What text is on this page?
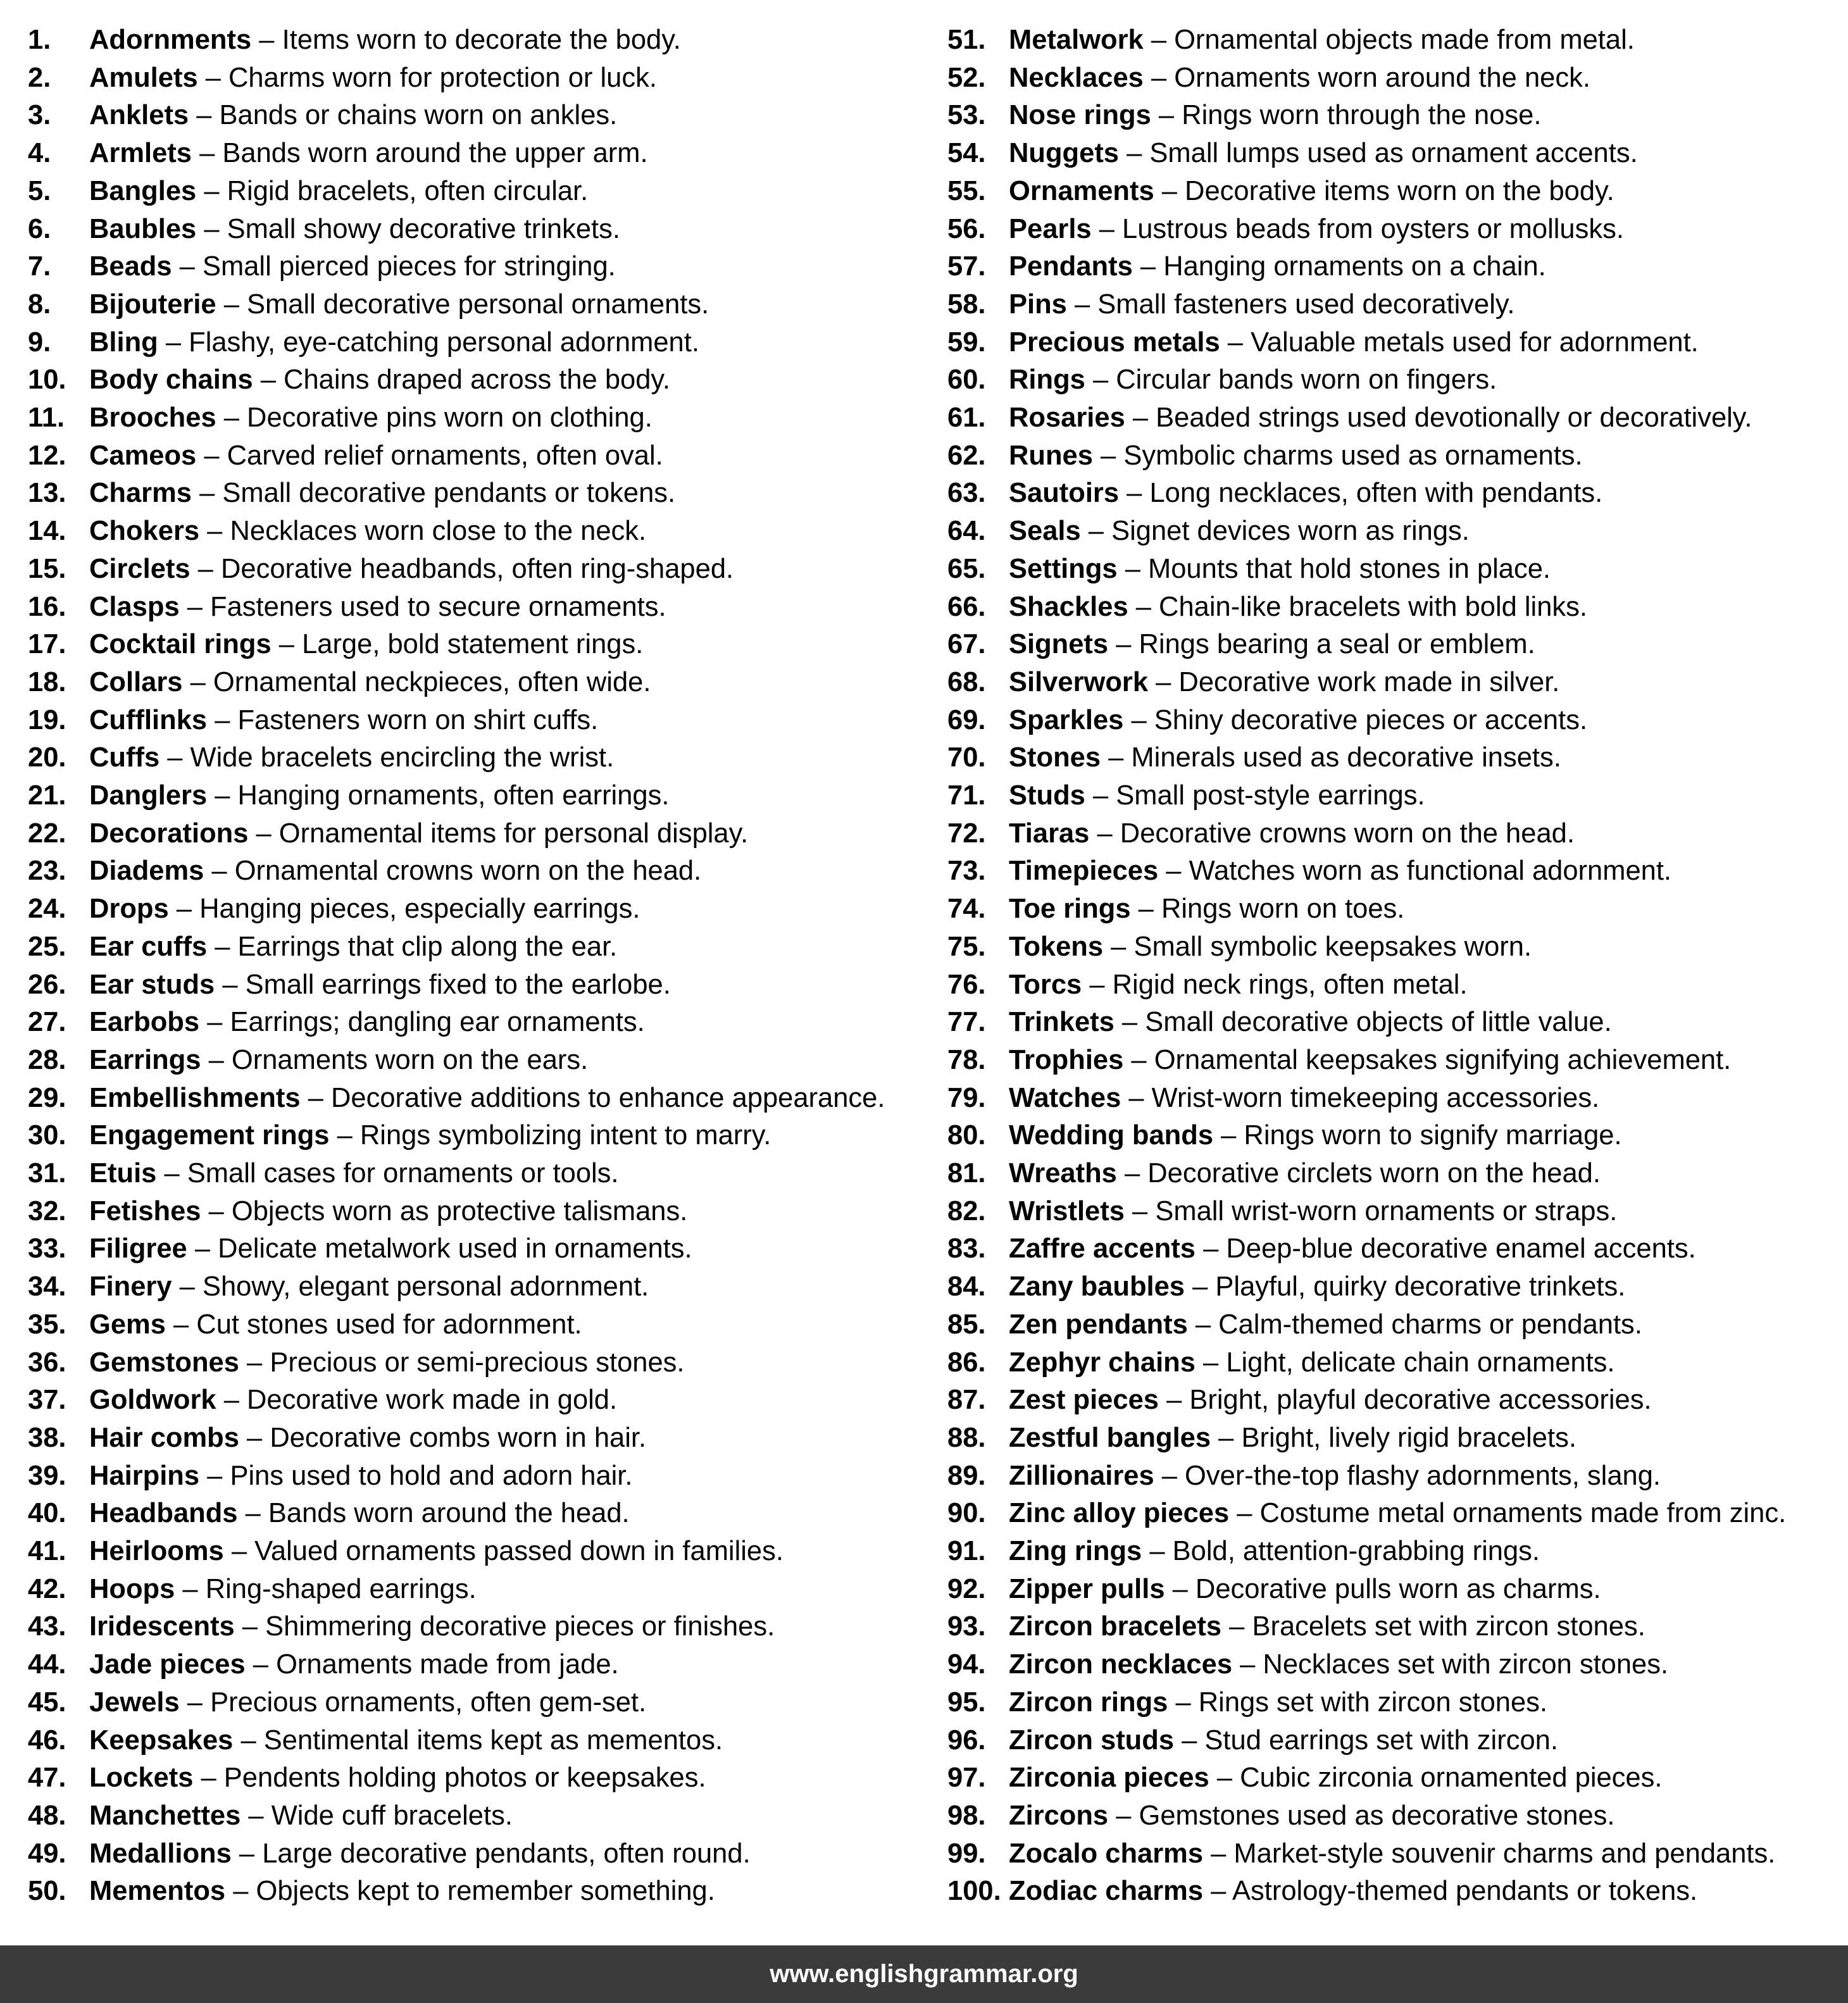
1. Adornments – Items worn to decorate the body.
2. Amulets – Charms worn for protection or luck.
3. Anklets – Bands or chains worn on ankles.
4. Armlets – Bands worn around the upper arm.
5. Bangles – Rigid bracelets, often circular.
6. Baubles – Small showy decorative trinkets.
7. Beads – Small pierced pieces for stringing.
8. Bijouterie – Small decorative personal ornaments.
9. Bling – Flashy, eye-catching personal adornment.
10. Body chains – Chains draped across the body.
11. Brooches – Decorative pins worn on clothing.
12. Cameos – Carved relief ornaments, often oval.
13. Charms – Small decorative pendants or tokens.
14. Chokers – Necklaces worn close to the neck.
15. Circlets – Decorative headbands, often ring-shaped.
16. Clasps – Fasteners used to secure ornaments.
17. Cocktail rings – Large, bold statement rings.
18. Collars – Ornamental neckpieces, often wide.
19. Cufflinks – Fasteners worn on shirt cuffs.
20. Cuffs – Wide bracelets encircling the wrist.
21. Danglers – Hanging ornaments, often earrings.
22. Decorations – Ornamental items for personal display.
23. Diadems – Ornamental crowns worn on the head.
24. Drops – Hanging pieces, especially earrings.
25. Ear cuffs – Earrings that clip along the ear.
26. Ear studs – Small earrings fixed to the earlobe.
27. Earbobs – Earrings; dangling ear ornaments.
28. Earrings – Ornaments worn on the ears.
29. Embellishments – Decorative additions to enhance appearance.
30. Engagement rings – Rings symbolizing intent to marry.
31. Etuis – Small cases for ornaments or tools.
32. Fetishes – Objects worn as protective talismans.
33. Filigree – Delicate metalwork used in ornaments.
34. Finery – Showy, elegant personal adornment.
35. Gems – Cut stones used for adornment.
36. Gemstones – Precious or semi-precious stones.
37. Goldwork – Decorative work made in gold.
38. Hair combs – Decorative combs worn in hair.
39. Hairpins – Pins used to hold and adorn hair.
40. Headbands – Bands worn around the head.
41. Heirlooms – Valued ornaments passed down in families.
42. Hoops – Ring-shaped earrings.
43. Iridescents – Shimmering decorative pieces or finishes.
44. Jade pieces – Ornaments made from jade.
45. Jewels – Precious ornaments, often gem-set.
46. Keepsakes – Sentimental items kept as mementos.
47. Lockets – Pendents holding photos or keepsakes.
48. Manchettes – Wide cuff bracelets.
49. Medallions – Large decorative pendants, often round.
50. Mementos – Objects kept to remember something.
51. Metalwork – Ornamental objects made from metal.
52. Necklaces – Ornaments worn around the neck.
53. Nose rings – Rings worn through the nose.
54. Nuggets – Small lumps used as ornament accents.
55. Ornaments – Decorative items worn on the body.
56. Pearls – Lustrous beads from oysters or mollusks.
57. Pendants – Hanging ornaments on a chain.
58. Pins – Small fasteners used decoratively.
59. Precious metals – Valuable metals used for adornment.
60. Rings – Circular bands worn on fingers.
61. Rosaries – Beaded strings used devotionally or decoratively.
62. Runes – Symbolic charms used as ornaments.
63. Sautoirs – Long necklaces, often with pendants.
64. Seals – Signet devices worn as rings.
65. Settings – Mounts that hold stones in place.
66. Shackles – Chain-like bracelets with bold links.
67. Signets – Rings bearing a seal or emblem.
68. Silverwork – Decorative work made in silver.
69. Sparkles – Shiny decorative pieces or accents.
70. Stones – Minerals used as decorative insets.
71. Studs – Small post-style earrings.
72. Tiaras – Decorative crowns worn on the head.
73. Timepieces – Watches worn as functional adornment.
74. Toe rings – Rings worn on toes.
75. Tokens – Small symbolic keepsakes worn.
76. Torcs – Rigid neck rings, often metal.
77. Trinkets – Small decorative objects of little value.
78. Trophies – Ornamental keepsakes signifying achievement.
79. Watches – Wrist-worn timekeeping accessories.
80. Wedding bands – Rings worn to signify marriage.
81. Wreaths – Decorative circlets worn on the head.
82. Wristlets – Small wrist-worn ornaments or straps.
83. Zaffre accents – Deep-blue decorative enamel accents.
84. Zany baubles – Playful, quirky decorative trinkets.
85. Zen pendants – Calm-themed charms or pendants.
86. Zephyr chains – Light, delicate chain ornaments.
87. Zest pieces – Bright, playful decorative accessories.
88. Zestful bangles – Bright, lively rigid bracelets.
89. Zillionaires – Over-the-top flashy adornments, slang.
90. Zinc alloy pieces – Costume metal ornaments made from zinc.
91. Zing rings – Bold, attention-grabbing rings.
92. Zipper pulls – Decorative pulls worn as charms.
93. Zircon bracelets – Bracelets set with zircon stones.
94. Zircon necklaces – Necklaces set with zircon stones.
95. Zircon rings – Rings set with zircon stones.
96. Zircon studs – Stud earrings set with zircon.
97. Zirconia pieces – Cubic zirconia ornamented pieces.
98. Zircons – Gemstones used as decorative stones.
99. Zocalo charms – Market-style souvenir charms and pendants.
100. Zodiac charms – Astrology-themed pendants or tokens.
www.englishgrammar.org
